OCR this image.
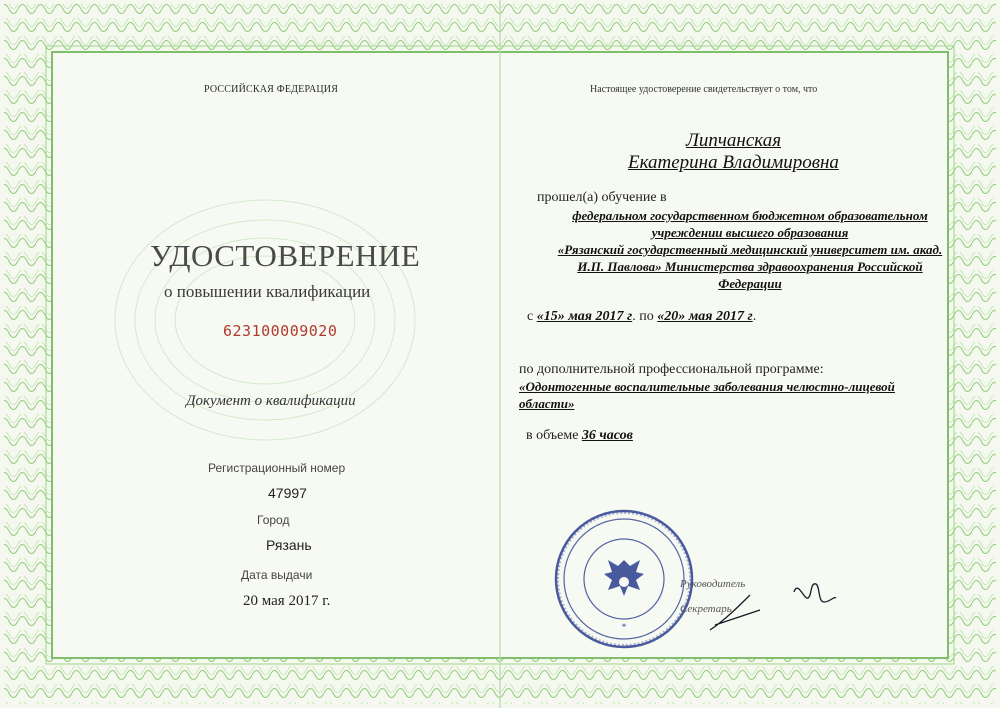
РОССИЙСКАЯ ФЕДЕРАЦИЯ
УДОСТОВЕРЕНИЕ
о повышении квалификации
623100009020
Документ о квалификации
Регистрационный номер
47997
Город
Рязань
Дата выдачи
20 мая 2017 г.
Настоящее удостоверение свидетельствует о том, что
Липчанская
Екатерина Владимировна
прошел(а) обучение в
федеральном государственном бюджетном образовательном
учреждении высшего образования
«Рязанский государственный медицинский университет им. акад.
И.П. Павлова» Министерства здравоохранения Российской
Федерации
с «15» мая 2017 г. по «20» мая 2017 г.
по дополнительной профессиональной программе:
«Одонтогенные воспалительные заболевания челюстно-лицевой
области»
в объеме 36 часов
Руководитель
Секретарь
*
